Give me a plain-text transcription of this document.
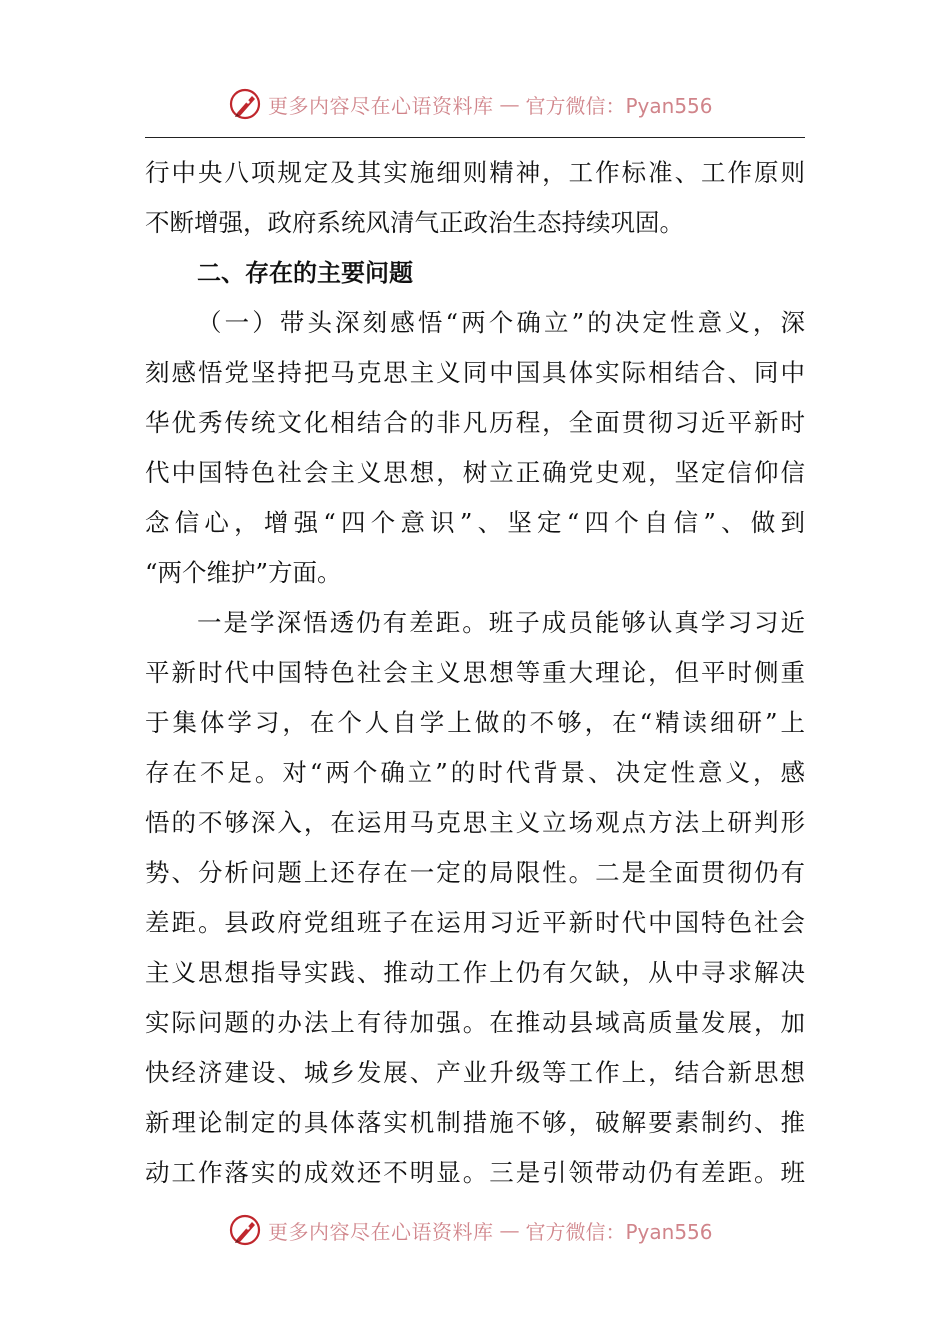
更多内容尽在心语资料库 — 官方微信：Pyan556
行中央八项规定及其实施细则精神，工作标准、工作原则
不断增强，政府系统风清气正政治生态持续巩固。
二、存在的主要问题
（一）带头深刻感悟“两个确立”的决定性意义，深
刻感悟党坚持把马克思主义同中国具体实际相结合、同中
华优秀传统文化相结合的非凡历程，全面贯彻习近平新时
代中国特色社会主义思想，树立正确党史观，坚定信仰信
念信心，增强“四个意识”、坚定“四个自信”、做到
“两个维护”方面。
一是学深悟透仍有差距。班子成员能够认真学习习近
平新时代中国特色社会主义思想等重大理论，但平时侧重
于集体学习，在个人自学上做的不够，在“精读细研”上
存在不足。对“两个确立”的时代背景、决定性意义，感
悟的不够深入，在运用马克思主义立场观点方法上研判形
势、分析问题上还存在一定的局限性。二是全面贯彻仍有
差距。县政府党组班子在运用习近平新时代中国特色社会
主义思想指导实践、推动工作上仍有欠缺，从中寻求解决
实际问题的办法上有待加强。在推动县域高质量发展，加
快经济建设、城乡发展、产业升级等工作上，结合新思想
新理论制定的具体落实机制措施不够，破解要素制约、推
动工作落实的成效还不明显。三是引领带动仍有差距。班
更多内容尽在心语资料库 — 官方微信：Pyan556
